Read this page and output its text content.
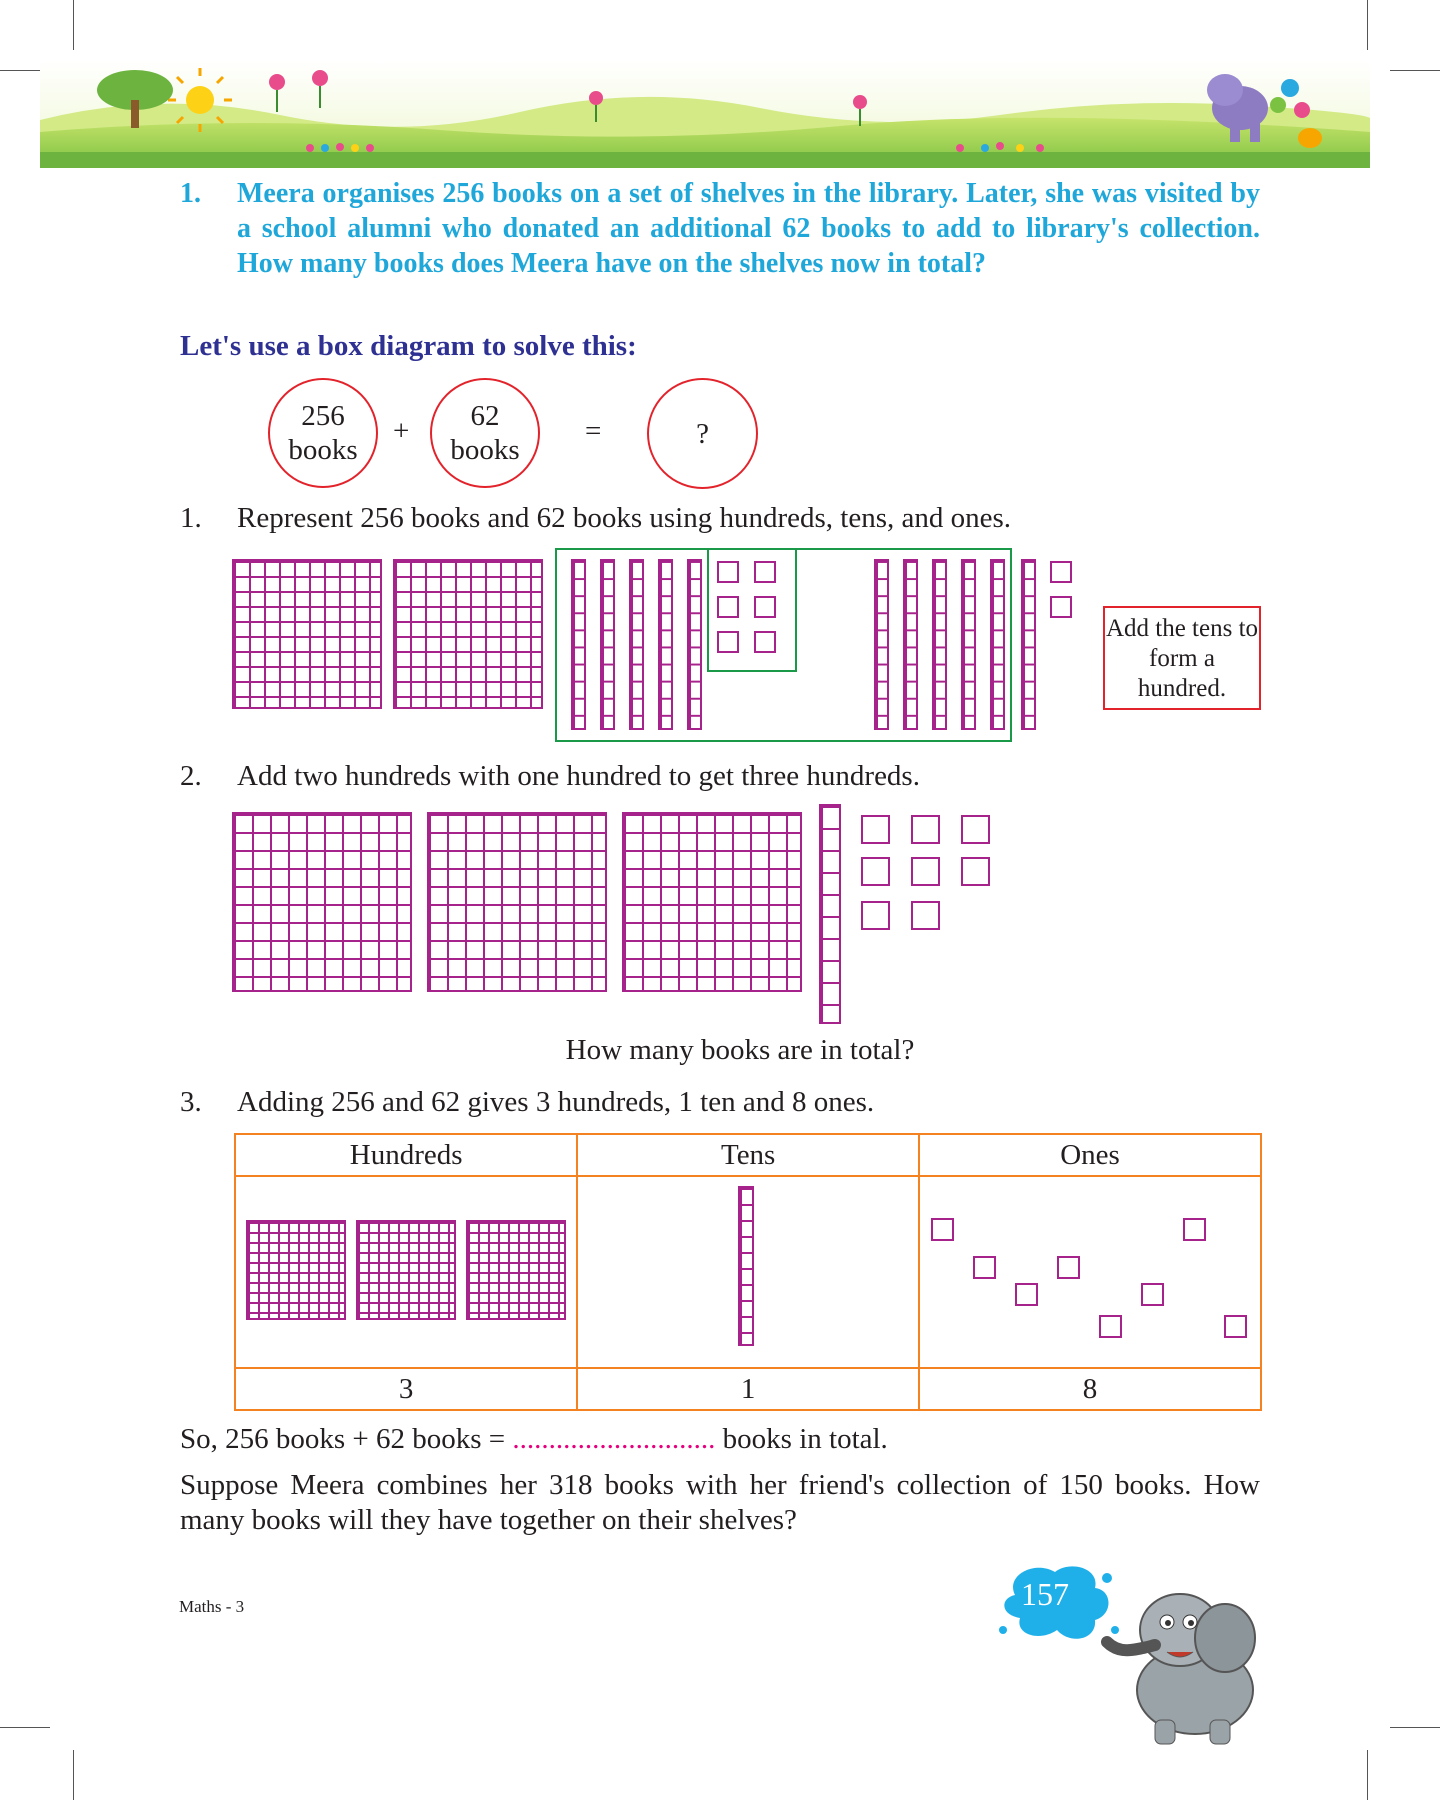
1. Meera organises 256 books on a set of shelves in the library. Later, she was visited by a school alumni who donated an additional 62 books to add to library's collection. How many books does Meera have on the shelves now in total?
Let's use a box diagram to solve this:
256
books
+ 62
books
=	?
1. Represent 256 books and 62 books using hundreds, tens, and ones.
Add the tens to form a hundred.
2. Add two hundreds with one hundred to get three hundreds.
How many books are in total?
3. Adding 256 and 62 gives 3 hundreds, 1 ten and 8 ones.
Hundreds	Tens	Ones

3	1	8
So, 256 books + 62 books = ............................ books in total.
Suppose Meera combines her 318 books with her friend's collection of 150 books. How many books will they have together on their shelves?
Maths - 3	157
